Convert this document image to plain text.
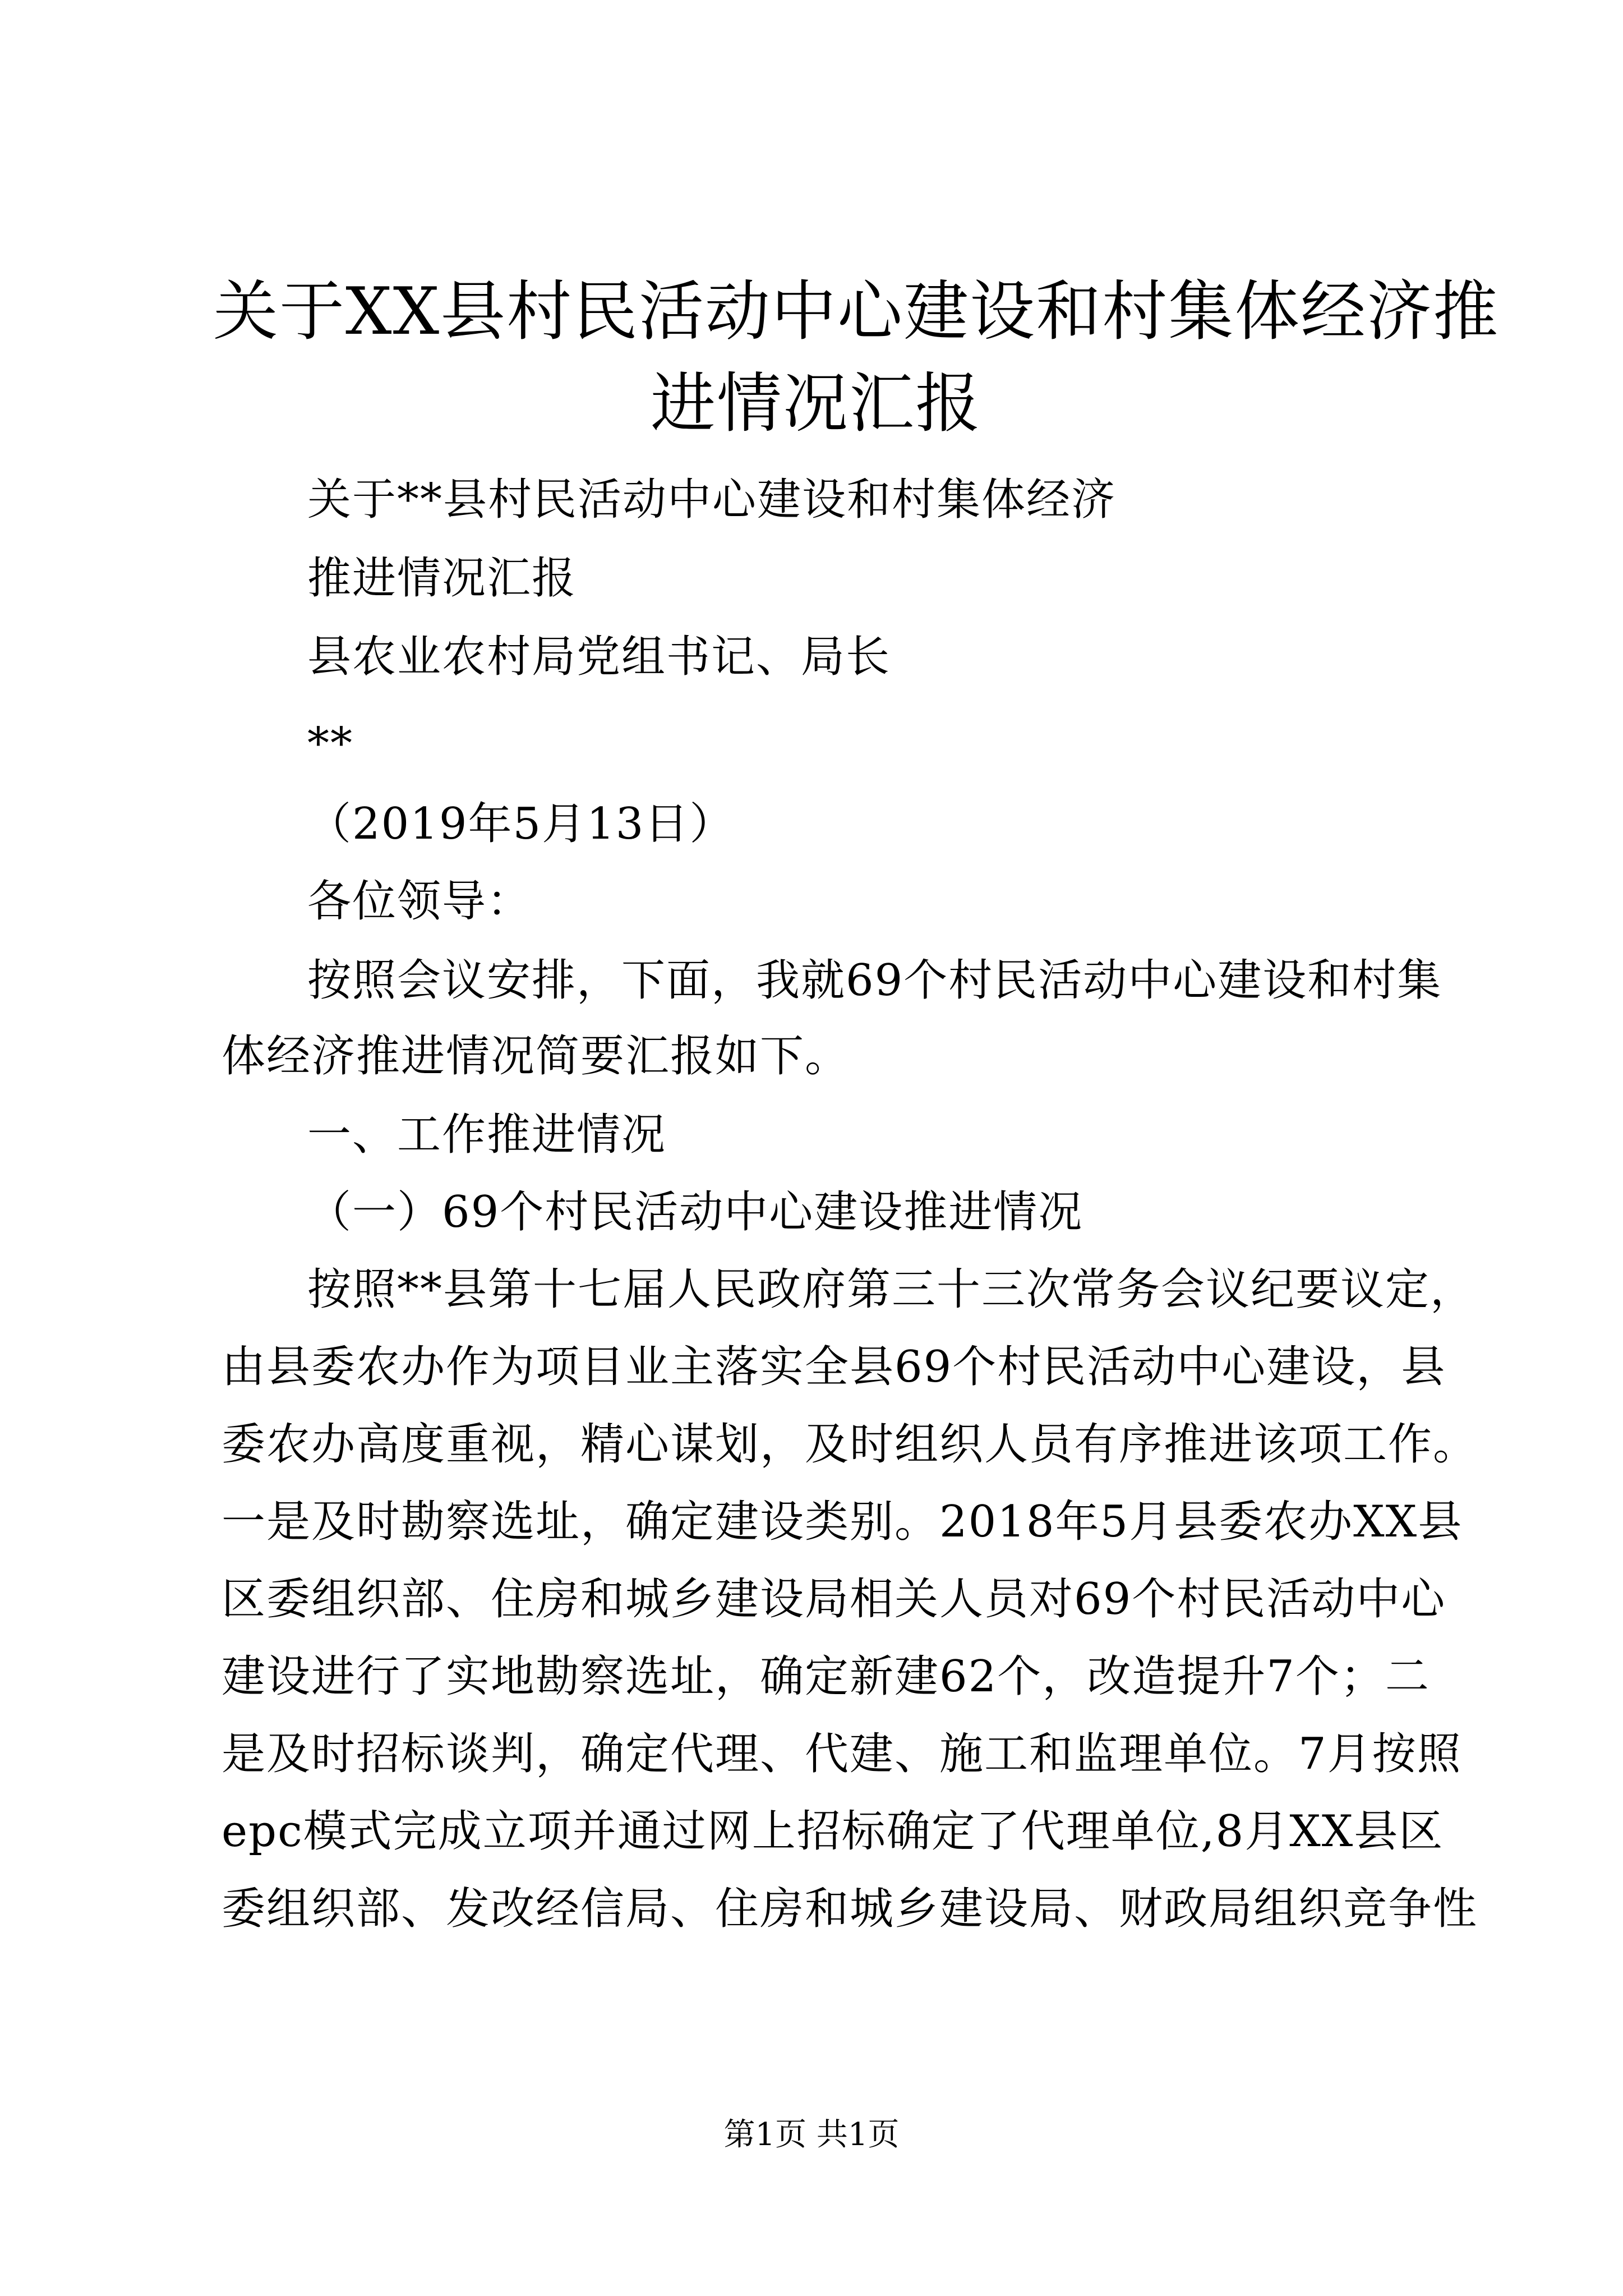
关于XX县村民活动中心建设和村集体经济推
进情况汇报
关于**县村民活动中心建设和村集体经济
推进情况汇报
县农业农村局党组书记、局长
**
（2019年5月13日）
各位领导：
按照会议安排，下面，我就69个村民活动中心建设和村集
体经济推进情况简要汇报如下。
一、工作推进情况
（一）69个村民活动中心建设推进情况
按照**县第十七届人民政府第三十三次常务会议纪要议定，
由县委农办作为项目业主落实全县69个村民活动中心建设，县
委农办高度重视，精心谋划，及时组织人员有序推进该项工作。
一是及时勘察选址，确定建设类别。2018年5月县委农办XX县
区委组织部、住房和城乡建设局相关人员对69个村民活动中心
建设进行了实地勘察选址，确定新建62个，改造提升7个；二
是及时招标谈判，确定代理、代建、施工和监理单位。7月按照
epc模式完成立项并通过网上招标确定了代理单位,8月XX县区
委组织部、发改经信局、住房和城乡建设局、财政局组织竞争性
第1页 共1页
